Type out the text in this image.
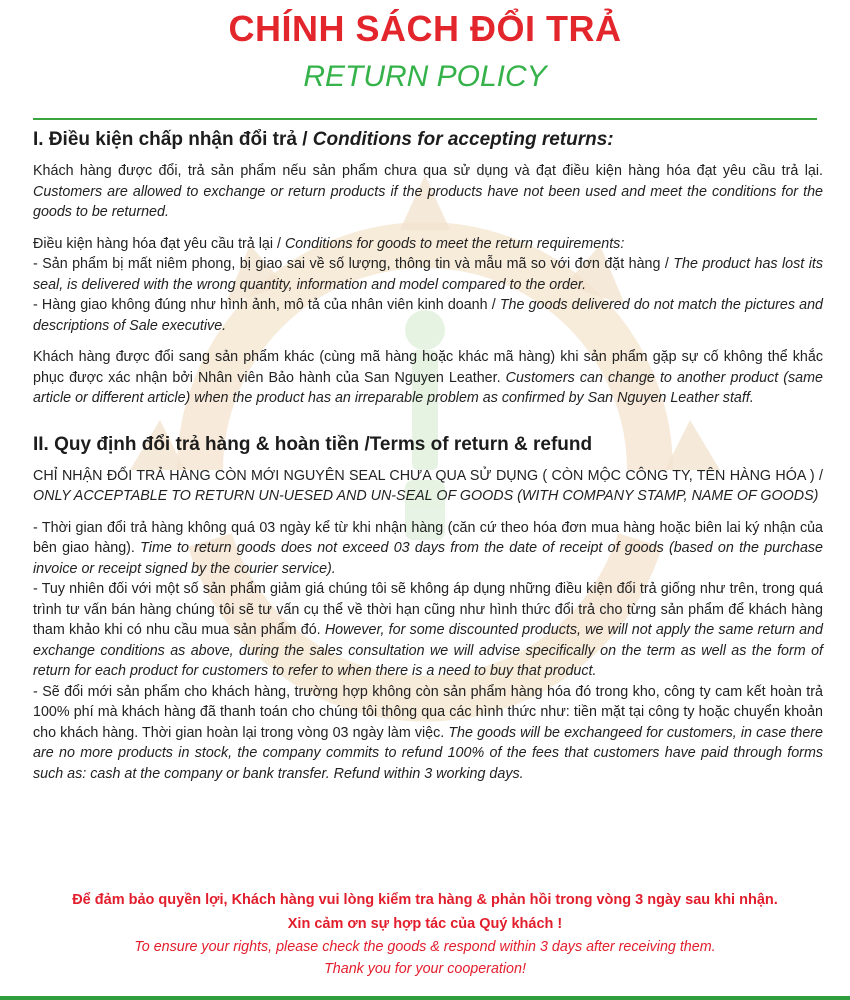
CHÍNH SÁCH ĐỔI TRẢ
RETURN POLICY
I. Điều kiện chấp nhận đổi trả / Conditions for accepting returns:

Khách hàng được đổi, trả sản phẩm nếu sản phẩm chưa qua sử dụng và đạt điều kiện hàng hóa đạt yêu cầu trả lại. Customers are allowed to exchange or return products if the products have not been used and meet the conditions for the goods to be returned.

Điều kiện hàng hóa đạt yêu cầu trả lại / Conditions for goods to meet the return requirements:
- Sản phẩm bị mất niêm phong, bị giao sai về số lượng, thông tin và mẫu mã so với đơn đặt hàng / The product has lost its seal, is delivered with the wrong quantity, information and model compared to the order.
- Hàng giao không đúng như hình ảnh, mô tả của nhân viên kinh doanh / The goods delivered do not match the pictures and descriptions of Sale executive.

Khách hàng được đổi sang sản phẩm khác (cùng mã hàng hoặc khác mã hàng) khi sản phẩm gặp sự cố không thể khắc phục được xác nhận bởi Nhân viên Bảo hành của San Nguyen Leather. Customers can change to another product (same article or different article) when the product has an irreparable problem as confirmed by San Nguyen Leather staff.

II. Quy định đổi trả hàng & hoàn tiền /Terms of return & refund

CHỈ NHẬN ĐỔI TRẢ HÀNG CÒN MỚI NGUYÊN SEAL CHƯA QUA SỬ DỤNG ( CÒN MỘC CÔNG TY, TÊN HÀNG HÓA ) / ONLY ACCEPTABLE TO RETURN UN-UESED AND UN-SEAL OF GOODS (WITH COMPANY STAMP, NAME OF GOODS)

- Thời gian đổi trả hàng không quá 03 ngày kể từ khi nhận hàng (căn cứ theo hóa đơn mua hàng hoặc biên lai ký nhận của bên giao hàng). Time to return goods does not exceed 03 days from the date of receipt of goods (based on the purchase invoice or receipt signed by the courier service).
- Tuy nhiên đối với một số sản phẩm giảm giá chúng tôi sẽ không áp dụng những điều kiện đổi trả giống như trên, trong quá trình tư vấn bán hàng chúng tôi sẽ tư vấn cụ thể về thời hạn cũng như hình thức đổi trả cho từng sản phẩm để khách hàng tham khảo khi có nhu cầu mua sản phẩm đó. However, for some discounted products, we will not apply the same return and exchange conditions as above, during the sales consultation we will advise specifically on the term as well as the form of return for each product for customers to refer to when there is a need to buy that product.
- Sẽ đổi mới sản phẩm cho khách hàng, trường hợp không còn sản phẩm hàng hóa đó trong kho, công ty cam kết hoàn trả 100% phí mà khách hàng đã thanh toán cho chúng tôi thông qua các hình thức như: tiền mặt tại công ty hoặc chuyển khoản cho khách hàng. Thời gian hoàn lại trong vòng 03 ngày làm việc. The goods will be exchangeed for customers, in case there are no more products in stock, the company commits to refund 100% of the fees that customers have paid through forms such as: cash at the company or bank transfer. Refund within 3 working days.
Để đảm bảo quyền lợi, Khách hàng vui lòng kiểm tra hàng & phản hồi trong vòng 3 ngày sau khi nhận.
Xin cảm ơn sự hợp tác của Quý khách !
To ensure your rights, please check the goods & respond within 3 days after receiving them.
Thank you for your cooperation!
